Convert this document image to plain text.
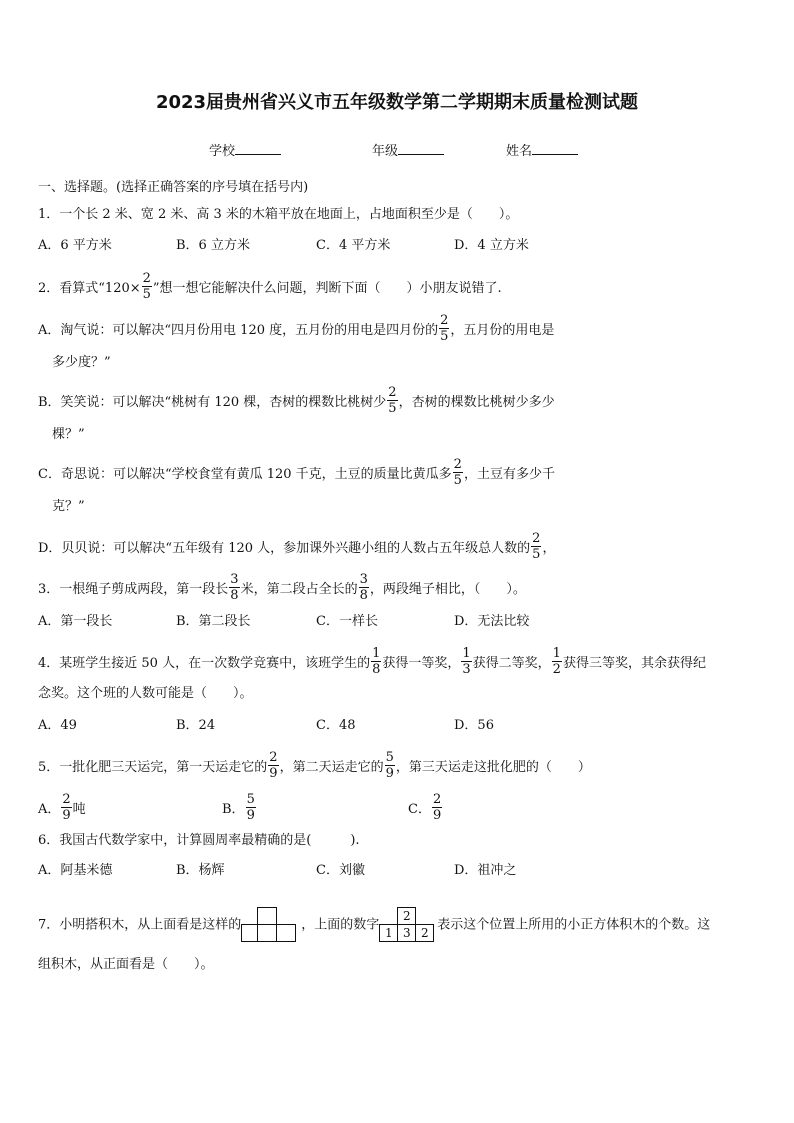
2023届贵州省兴义市五年级数学第二学期期末质量检测试题
学校	年级	姓名
一、选择题。(选择正确答案的序号填在括号内)
1．一个长 2 米、宽 2 米、高 3 米的木箱平放在地面上，占地面积至少是（　　）。
A．6 平方米	B．6 立方米	C．4 平方米	D．4 立方米
2．看算式“$120\times \frac{2}{5}$ ”想一想它能解决什么问题，判断下面（　　）小朋友说错了.
A．淘气说：可以解决“四月份用电 120 度，五月份的用电是四月份的 $\frac{2}{5}$ ，五月份的用电是
多少度？”
B．笑笑说：可以解决“桃树有 120 棵，杏树的棵数比桃树少 $\frac{2}{5}$ ，杏树的棵数比桃树少多少
棵？”
C．奇思说：可以解决“学校食堂有黄瓜 120 千克，土豆的质量比黄瓜多 $\frac{2}{5}$ ，土豆有多少千
克？”
D．贝贝说：可以解决“五年级有 120 人，参加课外兴趣小组的人数占五年级总人数的 $\frac{2}{5}$ ，
3．一根绳子剪成两段，第一段长 $\frac{3}{8}$ 米，第二段占全长的 $\frac{3}{8}$ ，两段绳子相比，（　　）。
A．第一段长	B．第二段长	C．一样长	D．无法比较
4．某班学生接近 50 人，在一次数学竞赛中，该班学生的 $\frac{1}{8}$ 获得一等奖， $\frac{1}{3}$ 获得二等奖， $\frac{1}{2}$ 获得三等奖，其余获得纪
念奖。这个班的人数可能是（　　）。
A．49	B．24	C．48	D．56
5．一批化肥三天运完，第一天运走它的 $\frac{2}{9}$ ，第二天运走它的 $\frac{5}{9}$ ，第三天运走这批化肥的（　　）
A． $\frac{2}{9}$ 吨	B． $\frac{5}{9}$	C． $\frac{2}{9}$
6．我国古代数学家中，计算圆周率最精确的是(　　　).
A．阿基米德	B．杨辉	C．刘徽	D．祖冲之
7．小明搭积木，从上面看是这样的	，上面的数字
2
1 3 2
表示这个位置上所用的小正方体积木的个数。这
组积木，从正面看是（　　）。
